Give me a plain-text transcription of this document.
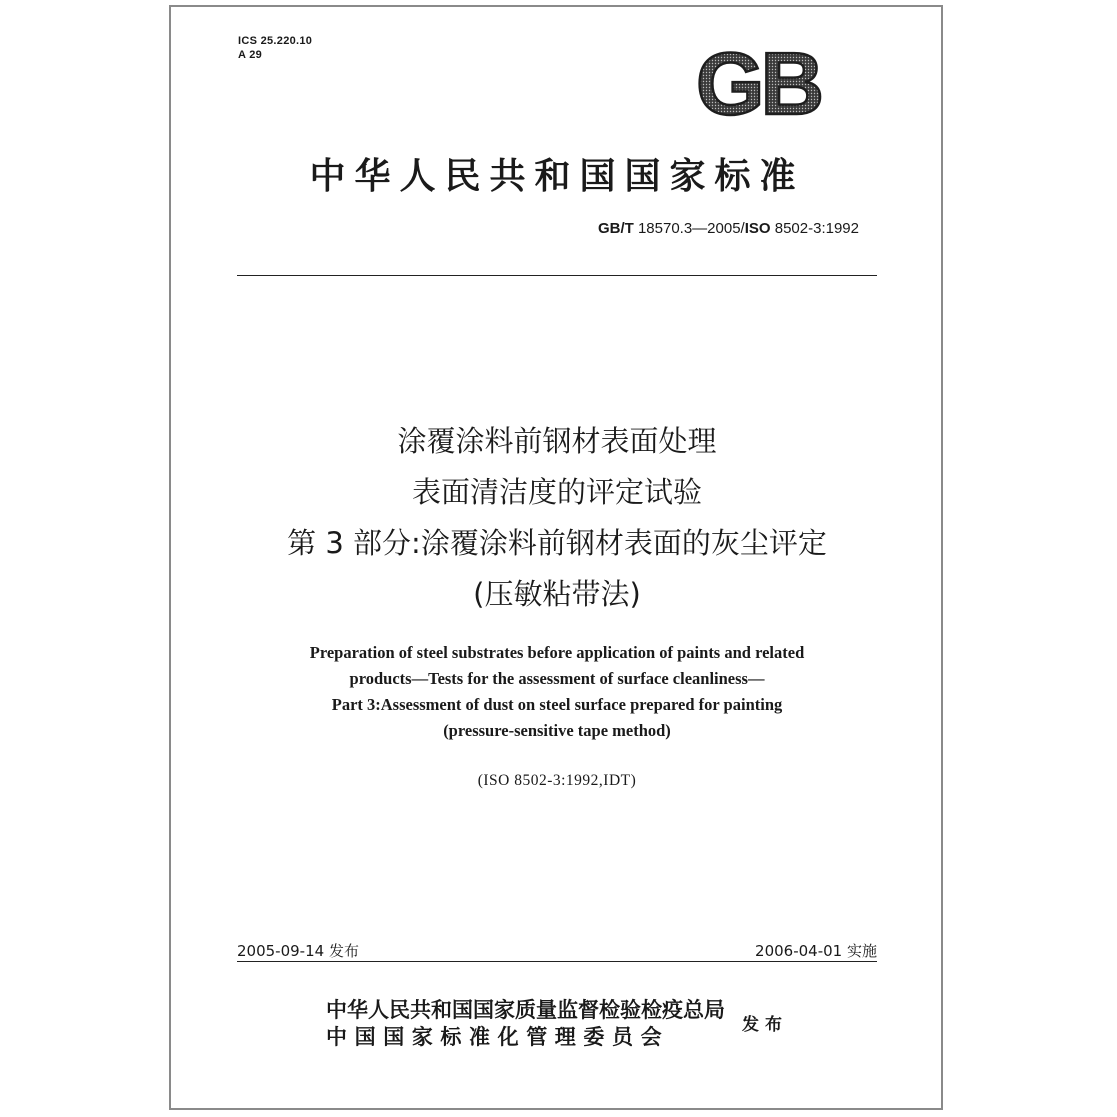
ICS 25.220.10
A 29	GB
中华人民共和国国家标准
GB/T 18570.3—2005/ISO 8502-3:1992
涂覆涂料前钢材表面处理
表面清洁度的评定试验
第 3 部分:涂覆涂料前钢材表面的灰尘评定
(压敏粘带法)
Preparation of steel substrates before application of paints and related
products—Tests for the assessment of surface cleanliness—
Part 3:Assessment of dust on steel surface prepared for painting
(pressure-sensitive tape method)
(ISO 8502-3:1992,IDT)
2005-09-14 发布	2006-04-01 实施
中华人民共和国国家质量监督检验检疫总局
中国国家标准化管理委员会	发布
